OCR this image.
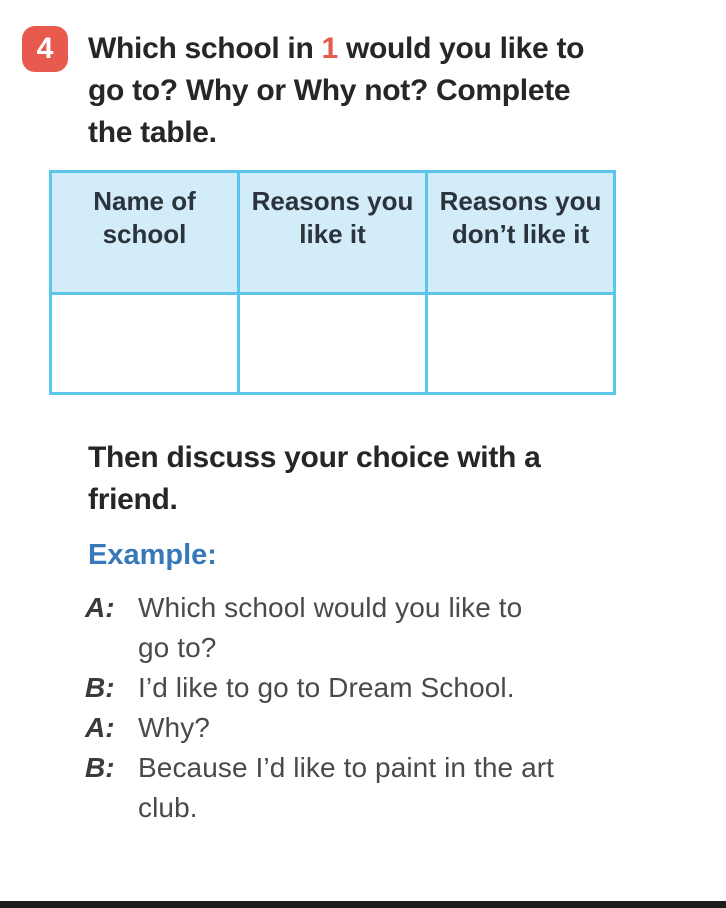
4 Which school in 1 would you like to go to? Why or Why not? Complete the table.
Name of school	Reasons you like it	Reasons you don’t like it

Then discuss your choice with a friend.
Example:
A: Which school would you like to go to?
B: I’d like to go to Dream School.
A: Why?
B: Because I’d like to paint in the art club.
